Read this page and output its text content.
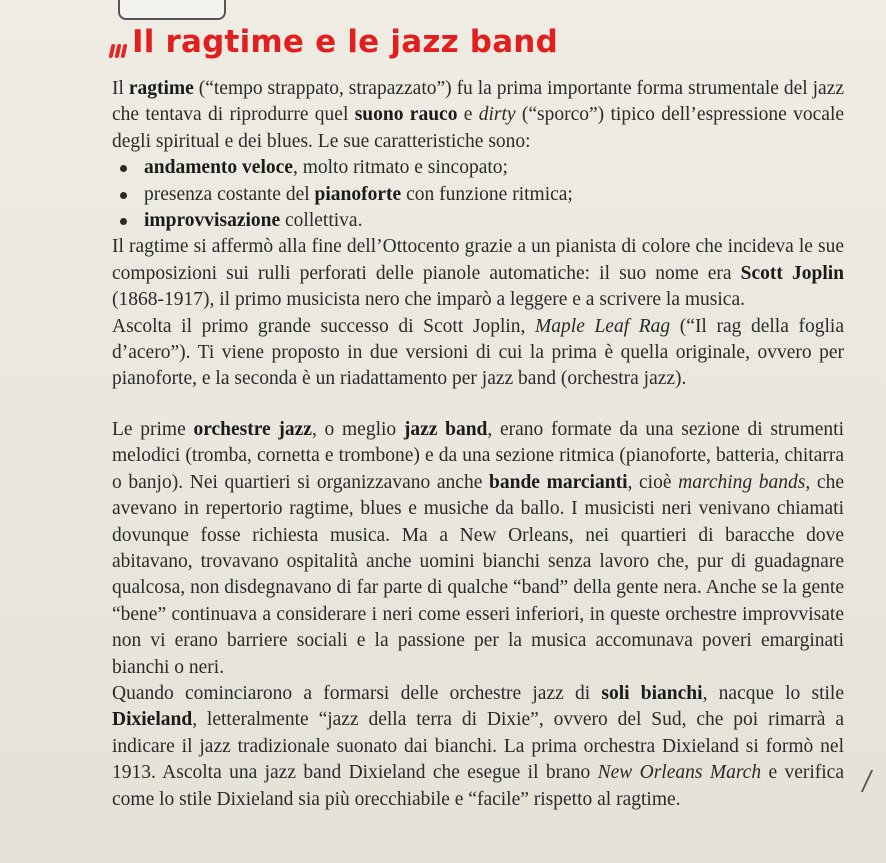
Il ragtime e le jazz band

Il ragtime (“tempo strappato, strapazzato”) fu la prima importante forma strumentale del jazz che tentava di riprodurre quel suono rauco e dirty (“sporco”) tipico dell’espressione vocale degli spiritual e dei blues. Le sue caratteristiche sono:

andamento veloce, molto ritmato e sincopato;
presenza costante del pianoforte con funzione ritmica;
improvvisazione collettiva.

Il ragtime si affermò alla fine dell’Ottocento grazie a un pianista di colore che incideva le sue composizioni sui rulli perforati delle pianole automatiche: il suo nome era Scott Joplin (1868-1917), il primo musicista nero che imparò a leggere e a scrivere la musica.

Ascolta il primo grande successo di Scott Joplin, Maple Leaf Rag (“Il rag della foglia d’acero”). Ti viene proposto in due versioni di cui la prima è quella originale, ovvero per pianoforte, e la seconda è un riadattamento per jazz band (orchestra jazz).

Le prime orchestre jazz, o meglio jazz band, erano formate da una sezione di strumenti melodici (tromba, cornetta e trombone) e da una sezione ritmica (pianoforte, batteria, chitarra o banjo). Nei quartieri si organizzavano anche bande marcianti, cioè marching bands, che avevano in repertorio ragtime, blues e musiche da ballo. I musicisti neri venivano chiamati dovunque fosse richiesta musica. Ma a New Orleans, nei quartieri di baracche dove abitavano, trovavano ospitalità anche uomini bianchi senza lavoro che, pur di guadagnare qualcosa, non disdegnavano di far parte di qualche “band” della gente nera. Anche se la gente “bene” continuava a considerare i neri come esseri inferiori, in queste orchestre improvvisate non vi erano barriere sociali e la passione per la musica accomunava poveri emarginati bianchi o neri.

Quando cominciarono a formarsi delle orchestre jazz di soli bianchi, nacque lo stile Dixieland, letteralmente “jazz della terra di Dixie”, ovvero del Sud, che poi rimarrà a indicare il jazz tradizionale suonato dai bianchi. La prima orchestra Dixieland si formò nel 1913. Ascolta una jazz band Dixieland che esegue il brano New Orleans March e verifica come lo stile Dixieland sia più orecchiabile e “facile” rispetto al ragtime.
